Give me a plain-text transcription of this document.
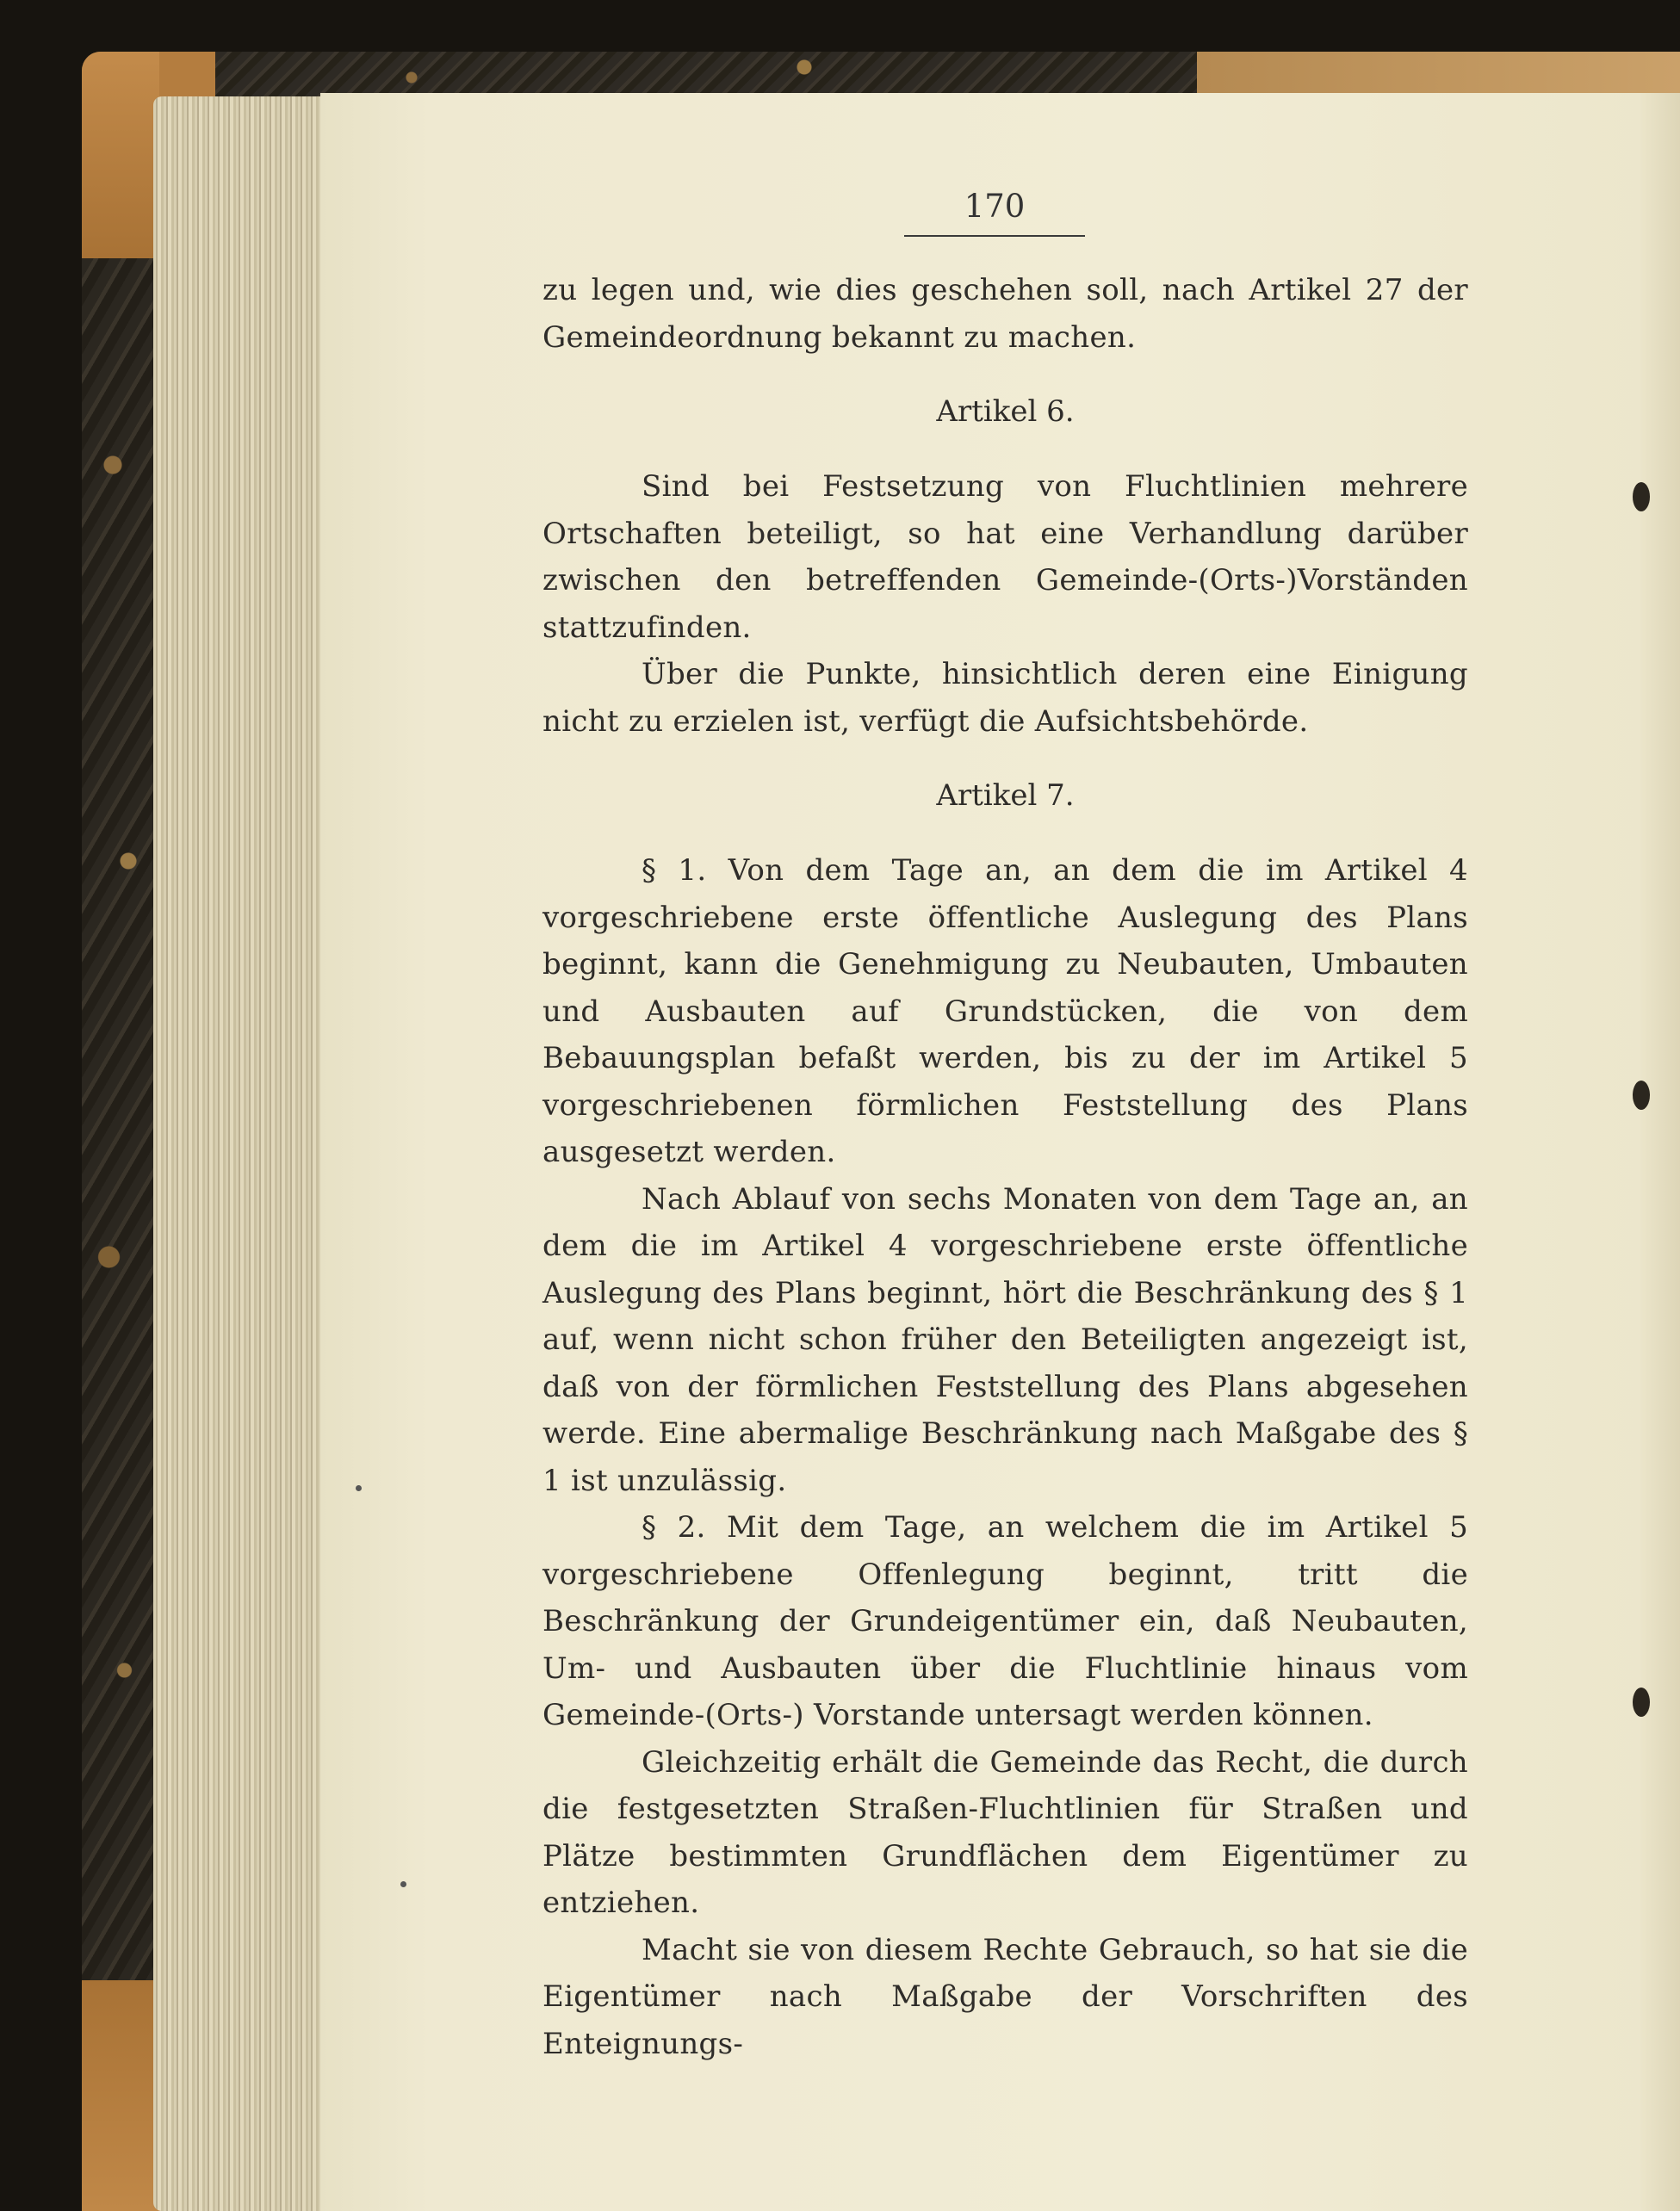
170

zu legen und, wie dies geschehen soll, nach Artikel 27 der Gemeindeordnung bekannt zu machen.

Artikel 6.

Sind bei Festsetzung von Fluchtlinien mehrere Ortschaften beteiligt, so hat eine Verhandlung darüber zwischen den betreffenden Gemeinde-(Orts-)Vorständen stattzufinden.

Über die Punkte, hinsichtlich deren eine Einigung nicht zu erzielen ist, verfügt die Aufsichtsbehörde.

Artikel 7.

§ 1. Von dem Tage an, an dem die im Artikel 4 vorgeschriebene erste öffentliche Auslegung des Plans beginnt, kann die Genehmigung zu Neubauten, Umbauten und Ausbauten auf Grundstücken, die von dem Bebauungsplan befaßt werden, bis zu der im Artikel 5 vorgeschriebenen förmlichen Feststellung des Plans ausgesetzt werden.

Nach Ablauf von sechs Monaten von dem Tage an, an dem die im Artikel 4 vorgeschriebene erste öffentliche Auslegung des Plans beginnt, hört die Beschränkung des § 1 auf, wenn nicht schon früher den Beteiligten angezeigt ist, daß von der förmlichen Feststellung des Plans abgesehen werde. Eine abermalige Beschränkung nach Maßgabe des § 1 ist unzulässig.

§ 2. Mit dem Tage, an welchem die im Artikel 5 vorgeschriebene Offenlegung beginnt, tritt die Beschränkung der Grundeigentümer ein, daß Neubauten, Um- und Ausbauten über die Fluchtlinie hinaus vom Gemeinde-(Orts-) Vorstande untersagt werden können.

Gleichzeitig erhält die Gemeinde das Recht, die durch die festgesetzten Straßen-Fluchtlinien für Straßen und Plätze bestimmten Grundflächen dem Eigentümer zu entziehen.

Macht sie von diesem Rechte Gebrauch, so hat sie die Eigentümer nach Maßgabe der Vorschriften des Enteignungs-
